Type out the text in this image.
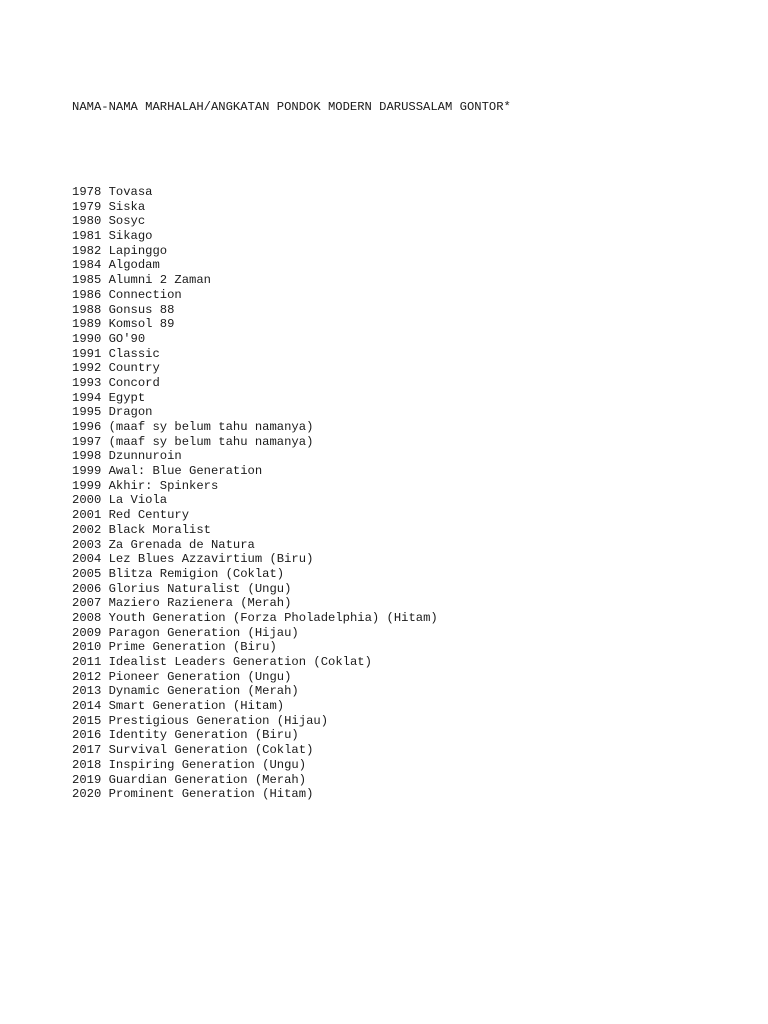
NAMA-NAMA MARHALAH/ANGKATAN PONDOK MODERN DARUSSALAM GONTOR*

1978 Tovasa
1979 Siska
1980 Sosyc
1981 Sikago
1982 Lapinggo
1984 Algodam
1985 Alumni 2 Zaman
1986 Connection
1988 Gonsus 88
1989 Komsol 89
1990 GO'90
1991 Classic
1992 Country
1993 Concord
1994 Egypt
1995 Dragon
1996 (maaf sy belum tahu namanya)
1997 (maaf sy belum tahu namanya)
1998 Dzunnuroin
1999 Awal: Blue Generation
1999 Akhir: Spinkers
2000 La Viola
2001 Red Century
2002 Black Moralist
2003 Za Grenada de Natura
2004 Lez Blues Azzavirtium (Biru)
2005 Blitza Remigion (Coklat)
2006 Glorius Naturalist (Ungu)
2007 Maziero Razienera (Merah)
2008 Youth Generation (Forza Pholadelphia) (Hitam)
2009 Paragon Generation (Hijau)
2010 Prime Generation (Biru)
2011 Idealist Leaders Generation (Coklat)
2012 Pioneer Generation (Ungu)
2013 Dynamic Generation (Merah)
2014 Smart Generation (Hitam)
2015 Prestigious Generation (Hijau)
2016 Identity Generation (Biru)
2017 Survival Generation (Coklat)
2018 Inspiring Generation (Ungu)
2019 Guardian Generation (Merah)
2020 Prominent Generation (Hitam)
